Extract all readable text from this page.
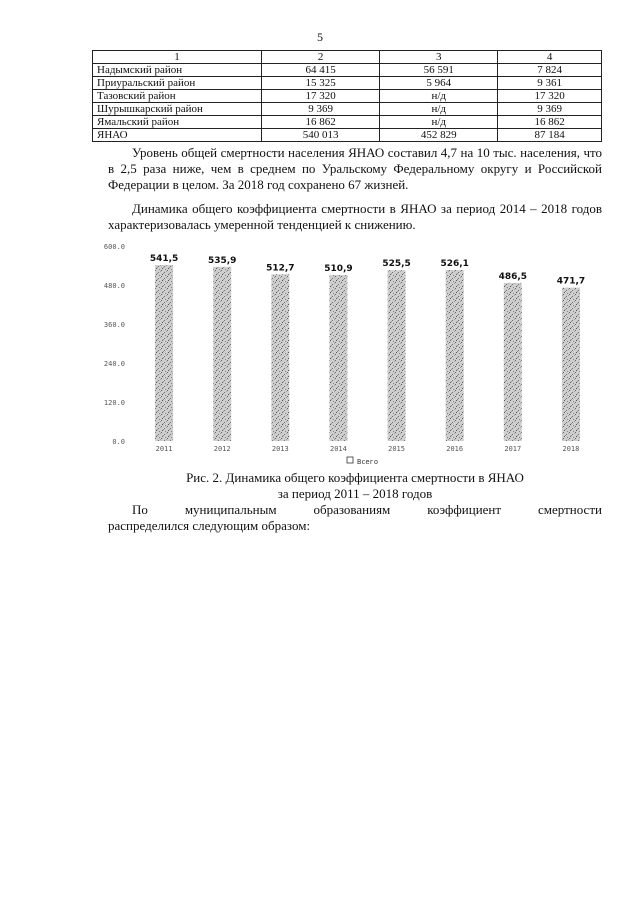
5
1	2	3	4
Надымский район	64 415	56 591	7 824
Приуральский район	15 325	5 964	9 361
Тазовский район	17 320	н/д	17 320
Шурышкарский район	9 369	н/д	9 369
Ямальский район	16 862	н/д	16 862
ЯНАО	540 013	452 829	87 184
Уровень общей смертности населения ЯНАО составил 4,7 на 10 тыс. населения, что в 2,5 раза ниже, чем в среднем по Уральскому Федеральному округу и Российской Федерации в целом. За 2018 год сохранено 67 жизней.
Динамика общего коэффициента смертности в ЯНАО за период 2014 – 2018 годов характеризовалась умеренной тенденцией к снижению.
0.0
120.0
240.0
360.0
480.0
600.0
541,5	535,9
512,7	510,9	525,5	526,1
486,5	471,7
2011	2012	2013	2014	2015	2016	2017	2018
Всего
Рис. 2. Динамика общего коэффициента смертности в ЯНАО
за период 2011 – 2018 годов
По	муниципальным	образованиям	коэффициент	смертности
распределился следующим образом:
